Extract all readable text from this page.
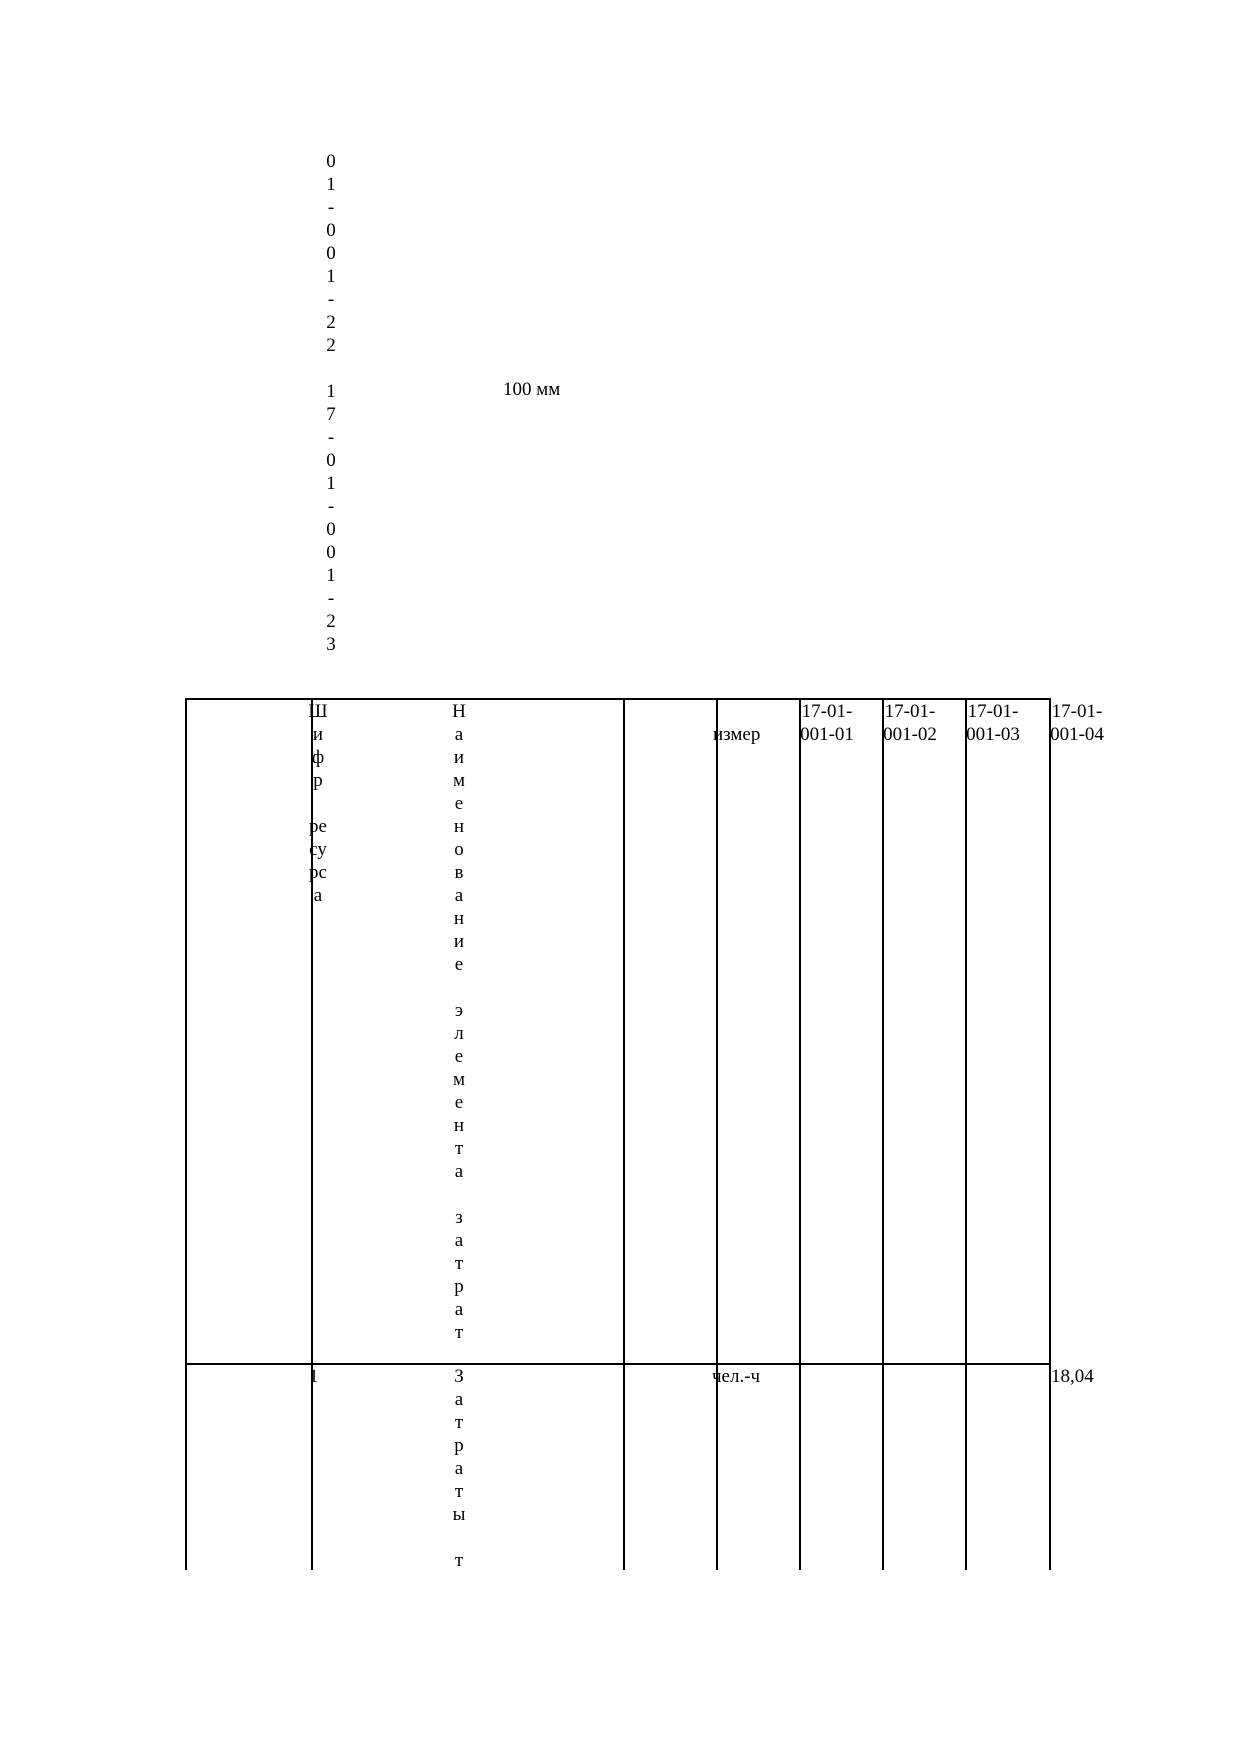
0
1
-
0
0
1
-
2
2
1
7
-
0
1
-
0
0
1
-
2
3
100 мм
Ш
и
ф
р

ре
су
рс
а
Н
а
и
м
е
н
о
в
а
н
и
е

э
л
е
м
е
н
т
а

з
а
т
р
а
т
измер
17-01-
001-01
17-01-
001-02
17-01-
001-03
17-01-
001-04
1	З
а
т
р
а
т
ы

т
чел.-ч	18,04
